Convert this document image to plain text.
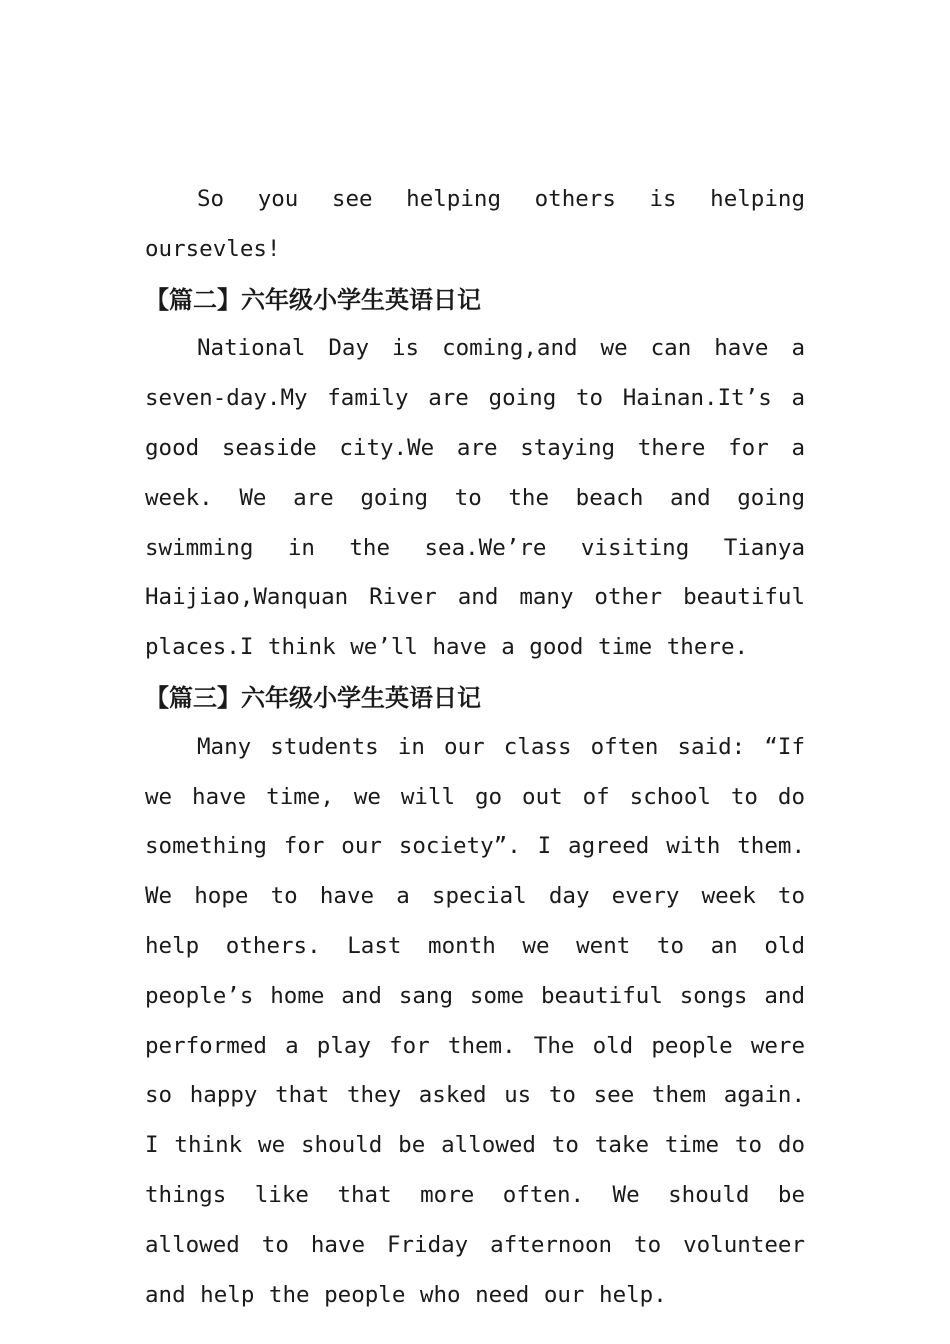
So you see helping others is helping oursevles!

【篇二】六年级小学生英语日记

National Day is coming,and we can have a seven-day.My family are going to Hainan.It’s a good seaside city.We are staying there for a week. We are going to the beach and going swimming in the sea.We’re visiting Tianya Haijiao,Wanquan River and many other beautiful places.I think we’ll have a good time there.

【篇三】六年级小学生英语日记

Many students in our class often said: “If we have time, we will go out of school to do something for our society”. I agreed with them. We hope to have a special day every week to help others. Last month we went to an old people’s home and sang some beautiful songs and performed a play for them. The old people were so happy that they asked us to see them again. I think we should be allowed to take time to do things like that more often. We should be allowed to have Friday afternoon to volunteer and help the people who need our help.
